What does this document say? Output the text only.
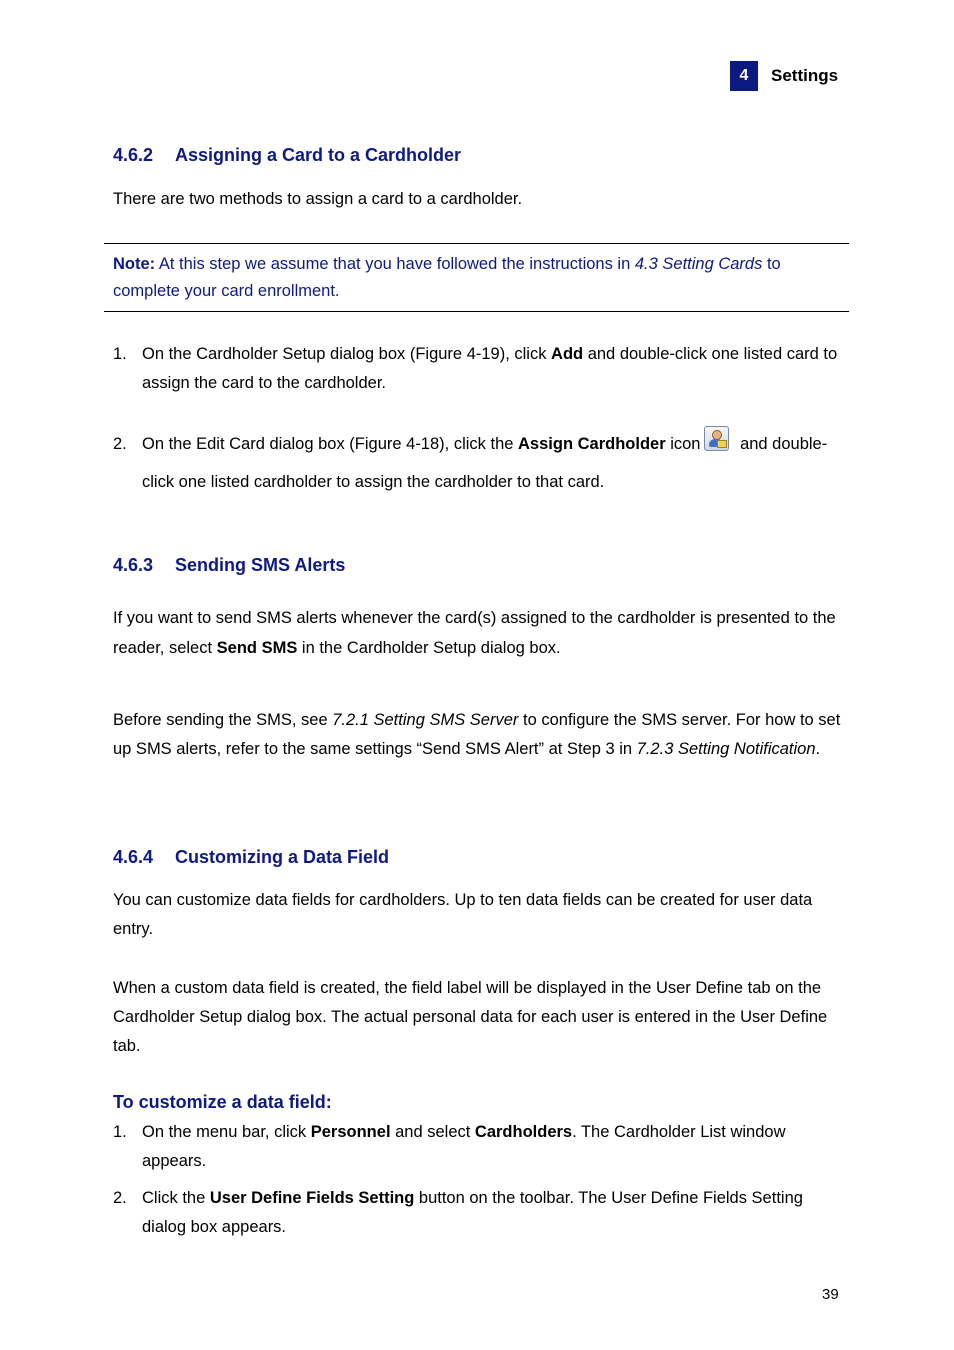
4	Settings
4.6.2 Assigning a Card to a Cardholder
There are two methods to assign a card to a cardholder.
Note: At this step we assume that you have followed the instructions in 4.3 Setting Cards to complete your card enrollment.
1. On the Cardholder Setup dialog box (Figure 4-19), click Add and double-click one listed card to assign the card to the cardholder.
2. On the Edit Card dialog box (Figure 4-18), click the Assign Cardholder icon
and double-click one listed cardholder to assign the cardholder to that card.
4.6.3 Sending SMS Alerts
If you want to send SMS alerts whenever the card(s) assigned to the cardholder is presented to the reader, select Send SMS in the Cardholder Setup dialog box.
Before sending the SMS, see 7.2.1 Setting SMS Server to configure the SMS server. For how to set up SMS alerts, refer to the same settings “Send SMS Alert” at Step 3 in 7.2.3 Setting Notification.
4.6.4 Customizing a Data Field
You can customize data fields for cardholders. Up to ten data fields can be created for user data entry.
When a custom data field is created, the field label will be displayed in the User Define tab on the Cardholder Setup dialog box. The actual personal data for each user is entered in the User Define tab.
To customize a data field:
1. On the menu bar, click Personnel and select Cardholders. The Cardholder List window appears.
2. Click the User Define Fields Setting button on the toolbar. The User Define Fields Setting dialog box appears.
39
